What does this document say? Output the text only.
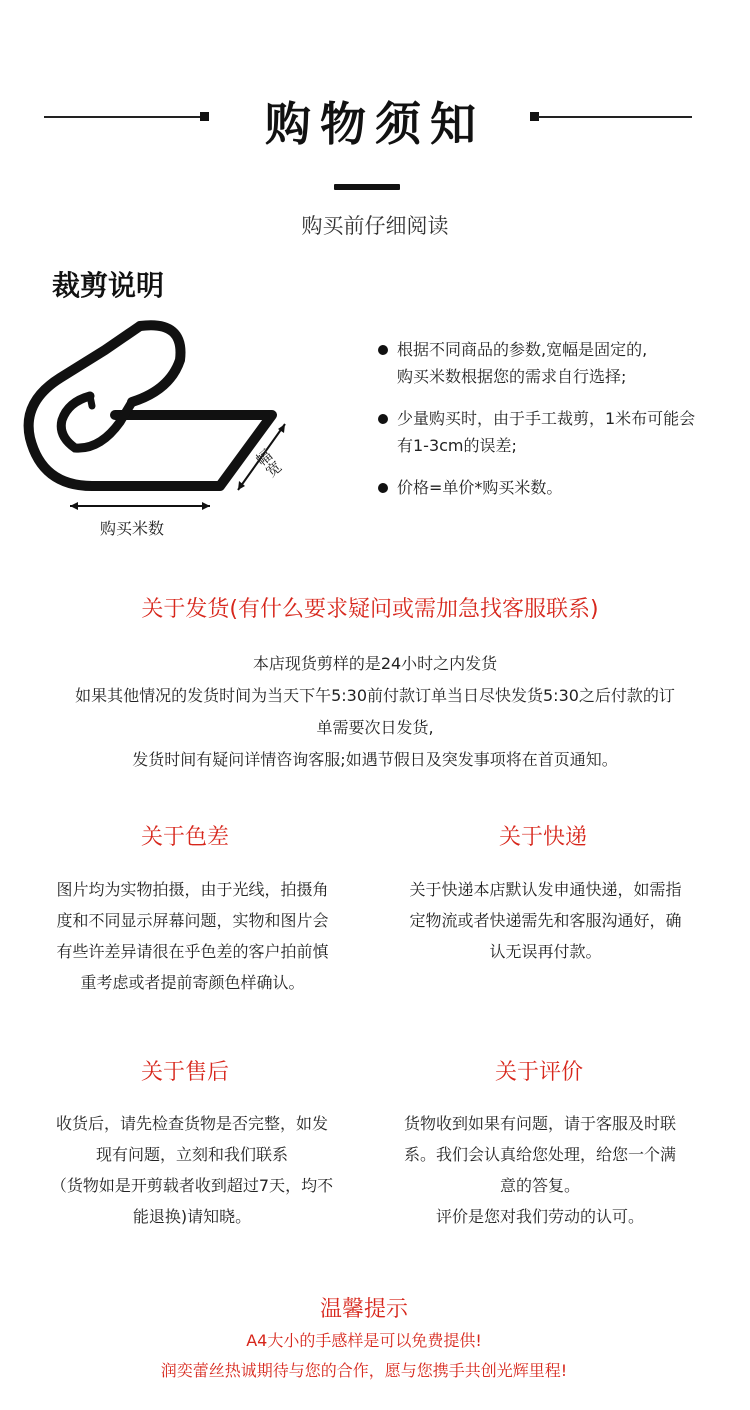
购物须知
购买前仔细阅读
裁剪说明
幅宽
购买米数
根据不同商品的参数,宽幅是固定的,
购买米数根据您的需求自行选择;
少量购买时，由于手工裁剪，1米布可能会
有1-3cm的误差;
价格=单价*购买米数。
关于发货(有什么要求疑问或需加急找客服联系)
本店现货剪样的是24小时之内发货
如果其他情况的发货时间为当天下午5:30前付款订单当日尽快发货5:30之后付款的订
单需要次日发货,
发货时间有疑问详情咨询客服;如遇节假日及突发事项将在首页通知。
关于色差
图片均为实物拍摄，由于光线，拍摄角
度和不同显示屏幕问题，实物和图片会
有些许差异请很在乎色差的客户拍前慎
重考虑或者提前寄颜色样确认。
关于快递
关于快递本店默认发申通快递，如需指
定物流或者快递需先和客服沟通好，确
认无误再付款。
关于售后
收货后，请先检查货物是否完整，如发
现有问题，立刻和我们联系
（货物如是开剪载者收到超过7天，均不
能退换)请知晓。
关于评价
货物收到如果有问题，请于客服及时联
系。我们会认真给您处理，给您一个满
意的答复。
评价是您对我们劳动的认可。
温馨提示
A4大小的手感样是可以免费提供!
润奕蕾丝热诚期待与您的合作，愿与您携手共创光辉里程!
